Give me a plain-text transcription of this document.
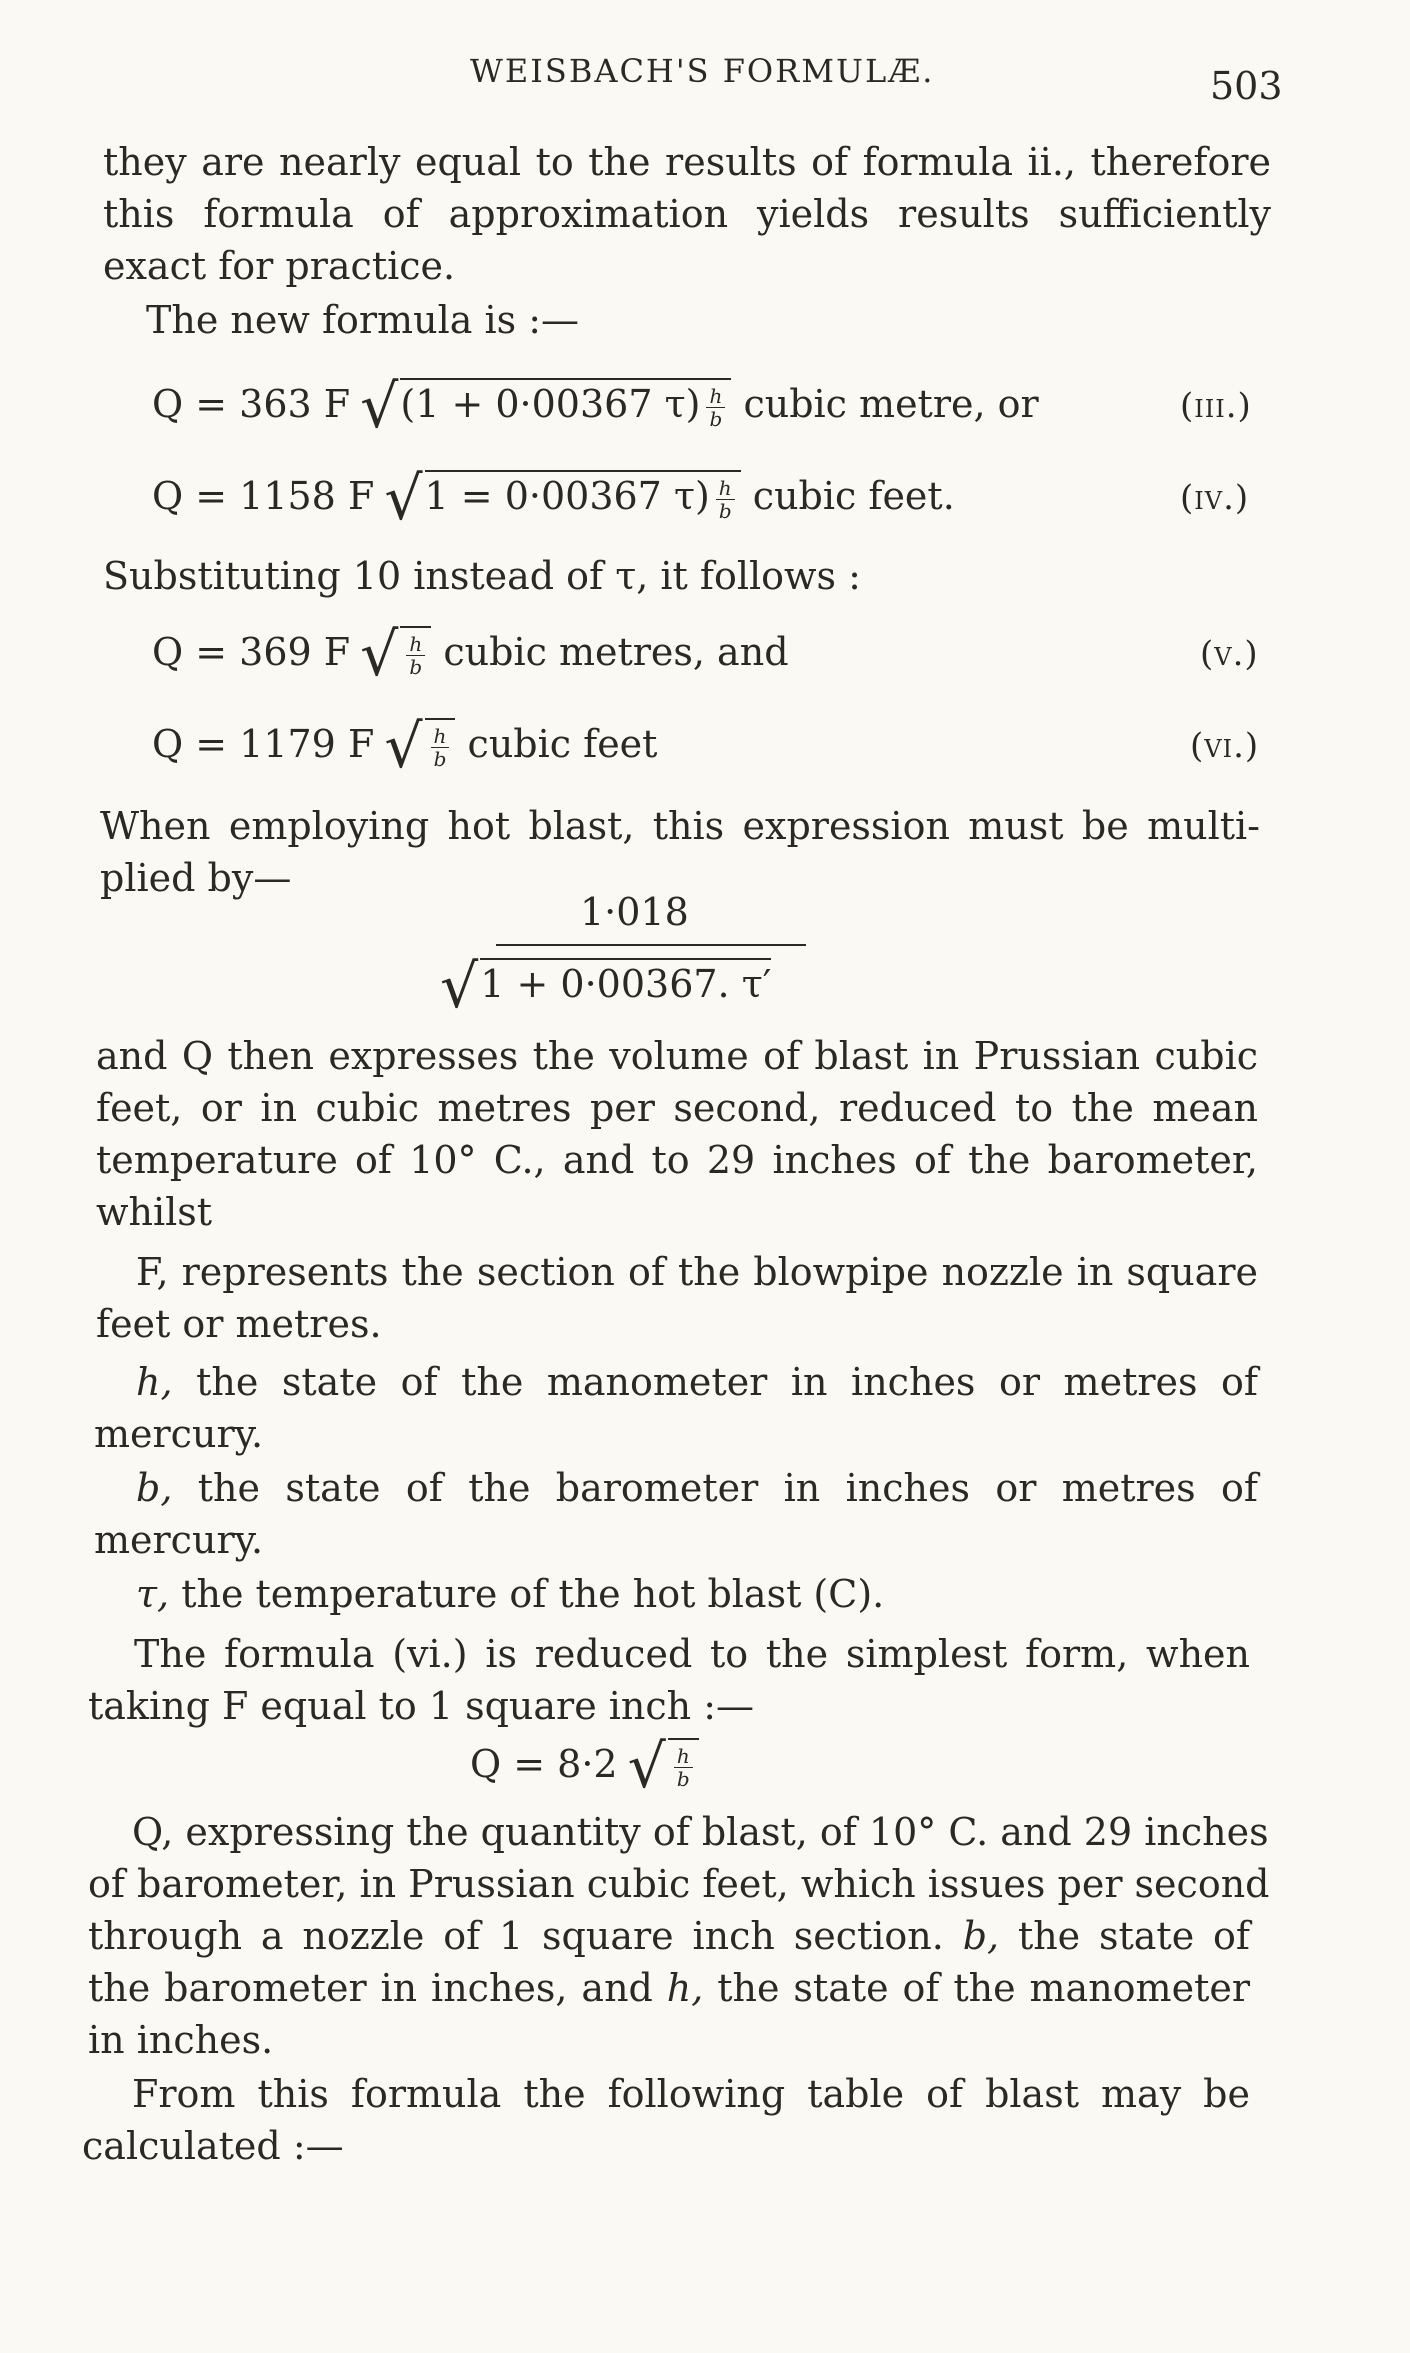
WEISBACH'S FORMULÆ.	503
they are nearly equal to the results of formula ii., therefore
this formula of approximation yields results sufficiently
exact for practice.
The new formula is :—
Q = 363 F √(1 + 0·00367 $\tau) \frac{h}{b}$ cubic metre, or	(iii.)
Q = 1158 F √1 = 0·00367 $\tau) \frac{h}{b}$ cubic feet.	(iv.)
Substituting 10 instead of τ, it follows :
Q = 369 F √ $\frac{h}{b}$ cubic metres, and	(v.)
Q = 1179 F √ $\frac{h}{b}$ cubic feet	(vi.)
When employing hot blast, this expression must be multi-
plied by—
1·018
√1 + 0·00367. τ′
and Q then expresses the volume of blast in Prussian cubic
feet, or in cubic metres per second, reduced to the mean
temperature of 10° C., and to 29 inches of the barometer,
whilst
F, represents the section of the blowpipe nozzle in square
feet or metres.
h, the state of the manometer in inches or metres of
mercury.
b, the state of the barometer in inches or metres of
mercury.
τ, the temperature of the hot blast (C).
The formula (vi.) is reduced to the simplest form, when
taking F equal to 1 square inch :—
Q = 8·2 √ $\frac{h}{b}$
Q, expressing the quantity of blast, of 10° C. and 29 inches
of barometer, in Prussian cubic feet, which issues per second
through a nozzle of 1 square inch section. b, the state of
the barometer in inches, and h, the state of the manometer
in inches.
From this formula the following table of blast may be
calculated :—
